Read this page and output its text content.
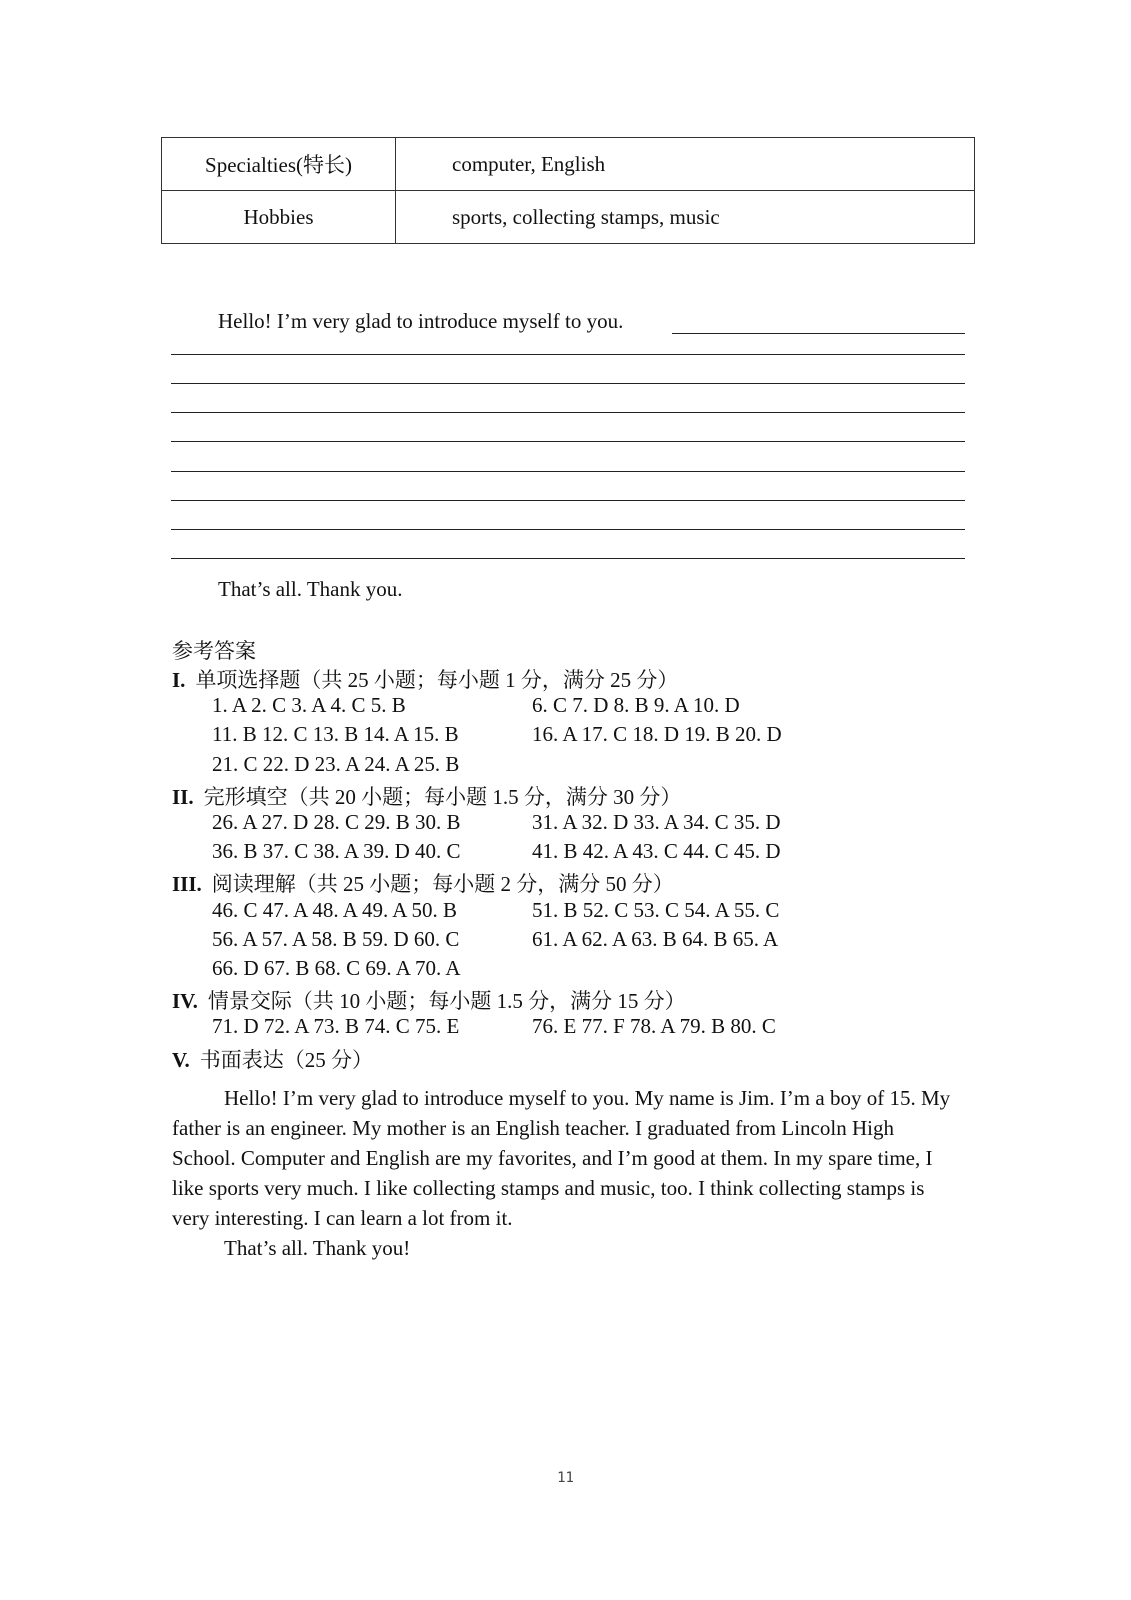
Specialties(特长)	computer, English
Hobbies	sports, collecting stamps, music
Hello! I’m very glad to introduce myself to you.
That’s all. Thank you.
参考答案
I. 单项选择题（共 25 小题；每小题 1 分，满分 25 分）
1. A 2. C 3. A 4. C 5. B	6. C 7. D 8. B 9. A 10. D
11. B 12. C 13. B 14. A 15. B	16. A 17. C 18. D 19. B 20. D
21. C 22. D 23. A 24. A 25. B
II. 完形填空（共 20 小题；每小题 1.5 分，满分 30 分）
26. A 27. D 28. C 29. B 30. B	31. A 32. D 33. A 34. C 35. D
36. B 37. C 38. A 39. D 40. C	41. B 42. A 43. C 44. C 45. D
III. 阅读理解（共 25 小题；每小题 2 分，满分 50 分）
46. C 47. A 48. A 49. A 50. B	51. B 52. C 53. C 54. A 55. C
56. A 57. A 58. B 59. D 60. C	61. A 62. A 63. B 64. B 65. A
66. D 67. B 68. C 69. A 70. A
IV. 情景交际（共 10 小题；每小题 1.5 分，满分 15 分）
71. D 72. A 73. B 74. C 75. E	76. E 77. F 78. A 79. B 80. C
V. 书面表达（25 分）

Hello! I’m very glad to introduce myself to you. My name is Jim. I’m a boy of 15. My father is an engineer. My mother is an English teacher. I graduated from Lincoln High School. Computer and English are my favorites, and I’m good at them. In my spare time, I like sports very much. I like collecting stamps and music, too. I think collecting stamps is very interesting. I can learn a lot from it.

That’s all. Thank you!

11
